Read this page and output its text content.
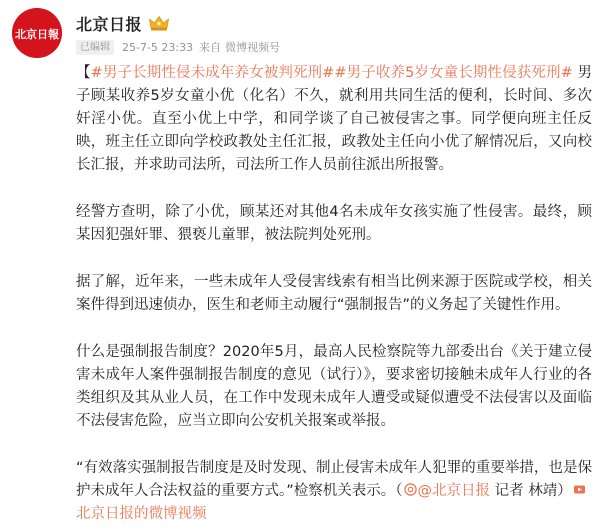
北京日報
北京日报
已编辑	25-7-5 23:33 来自 微博视频号

【#男子长期性侵未成年养女被判死刑##男子收养5岁女童长期性侵获死刑# 男子顾某收养5岁女童小优（化名）不久，就利用共同生活的便利，长时间、多次奸淫小优。直至小优上中学，和同学谈了自己被侵害之事。同学便向班主任反映，班主任立即向学校政教处主任汇报，政教处主任向小优了解情况后，又向校长汇报，并求助司法所，司法所工作人员前往派出所报警。

经警方查明，除了小优，顾某还对其他4名未成年女孩实施了性侵害。最终，顾某因犯强奸罪、猥亵儿童罪，被法院判处死刑。

据了解，近年来，一些未成年人受侵害线索有相当比例来源于医院或学校，相关案件得到迅速侦办，医生和老师主动履行“强制报告”的义务起了关键性作用。

什么是强制报告制度？2020年5月，最高人民检察院等九部委出台《关于建立侵害未成年人案件强制报告制度的意见（试行）》，要求密切接触未成年人行业的各类组织及其从业人员，在工作中发现未成年人遭受或疑似遭受不法侵害以及面临不法侵害危险，应当立即向公安机关报案或举报。

“有效落实强制报告制度是及时发现、制止侵害未成年人犯罪的重要举措，也是保护未成年人合法权益的重要方式。”检察机关表示。（ @北京日报 记者 林靖）

北京日报的微博视频
